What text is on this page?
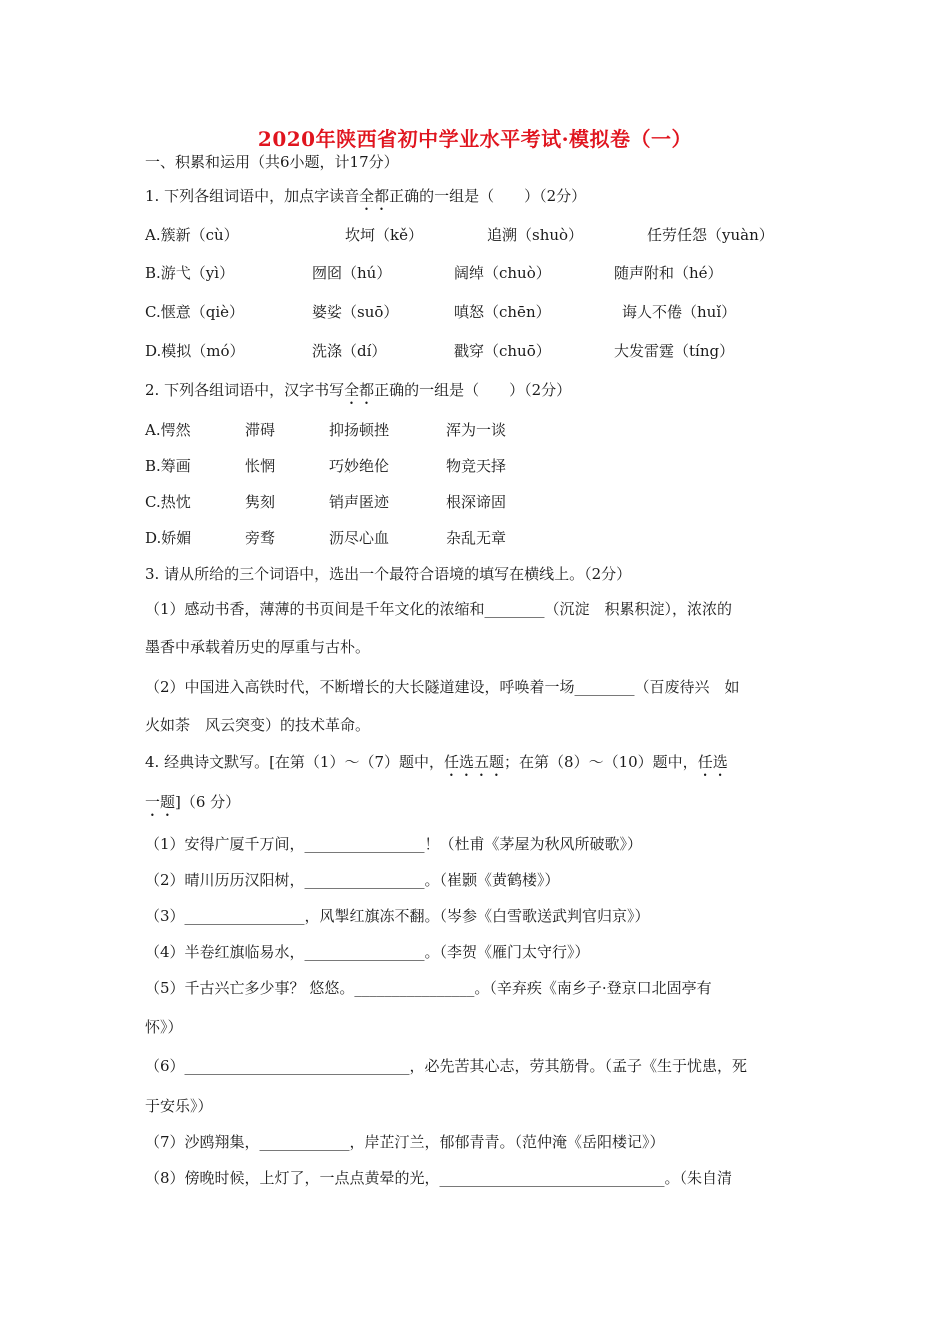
2020年陕西省初中学业水平考试·模拟卷（一）
一、积累和运用（共6小题，计17分）
1. 下列各组词语中，加点字读音全都正确的一组是（　　）（2分）
A.簇新（cù）	坎坷（kě）	追溯（shuò）	任劳任怨（yuàn）
B.游弋（yì）	囫囵（hú）	阔绰（chuò）	随声附和（hé）
C.惬意（qiè）	婆娑（suō）	嗔怒（chēn）	诲人不倦（huǐ）
D.模拟（mó）	洗涤（dí）	戳穿（chuō）	大发雷霆（tíng）
2. 下列各组词语中，汉字书写全都正确的一组是（　　）（2分）
A.愕然	滞碍	抑扬顿挫	浑为一谈
B.筹画	怅惘	巧妙绝伦	物竞天择
C.热忱	隽刻	销声匿迹	根深谛固
D.娇媚	旁骛	沥尽心血	杂乱无章
3. 请从所给的三个词语中，选出一个最符合语境的填写在横线上。（2分）
（1）感动书香，薄薄的书页间是千年文化的浓缩和________（沉淀　积累积淀），浓浓的
墨香中承载着历史的厚重与古朴。
（2）中国进入高铁时代，不断增长的大长隧道建设，呼唤着一场________（百废待兴　如
火如荼　风云突变）的技术革命。
4. 经典诗文默写。[在第（1）～（7）题中，任选五题；在第（8）～（10）题中，任选
一题]（6 分）
（1）安得广厦千万间，________________！（杜甫《茅屋为秋风所破歌》）
（2）晴川历历汉阳树，________________。（崔颢《黄鹤楼》）
（3）________________，风掣红旗冻不翻。（岑参《白雪歌送武判官归京》）
（4）半卷红旗临易水，________________。（李贺《雁门太守行》）
（5）千古兴亡多少事？ 悠悠。________________。（辛弃疾《南乡子·登京口北固亭有
怀》）
（6）______________________________，必先苦其心志，劳其筋骨。（孟子《生于忧患，死
于安乐》）
（7）沙鸥翔集，____________，岸芷汀兰，郁郁青青。（范仲淹《岳阳楼记》）
（8）傍晚时候，上灯了，一点点黄晕的光，______________________________。（朱自清
